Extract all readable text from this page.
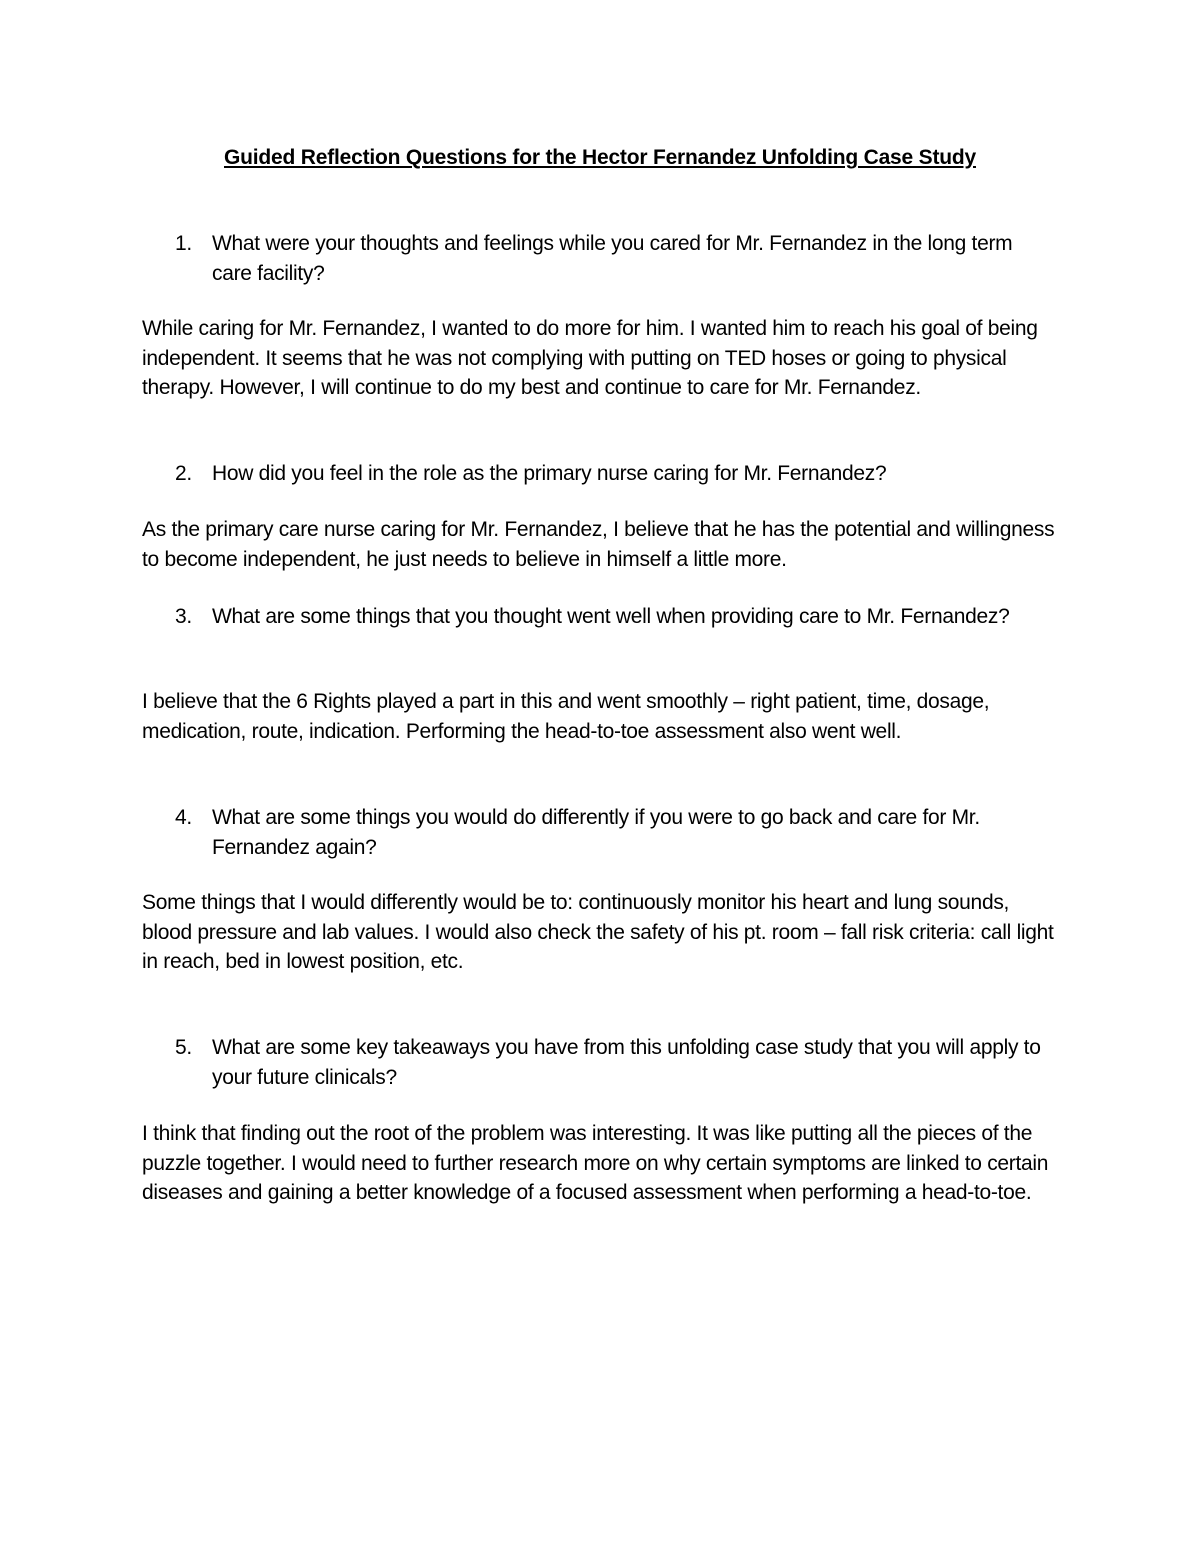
Guided Reflection Questions for the Hector Fernandez Unfolding Case Study
1. What were your thoughts and feelings while you cared for Mr. Fernandez in the long term care facility?
While caring for Mr. Fernandez, I wanted to do more for him. I wanted him to reach his goal of being independent. It seems that he was not complying with putting on TED hoses or going to physical therapy. However, I will continue to do my best and continue to care for Mr. Fernandez.
2. How did you feel in the role as the primary nurse caring for Mr. Fernandez?
As the primary care nurse caring for Mr. Fernandez, I believe that he has the potential and willingness to become independent, he just needs to believe in himself a little more.
3. What are some things that you thought went well when providing care to Mr. Fernandez?
I believe that the 6 Rights played a part in this and went smoothly – right patient, time, dosage, medication, route, indication. Performing the head-to-toe assessment also went well.
4. What are some things you would do differently if you were to go back and care for Mr. Fernandez again?
Some things that I would differently would be to: continuously monitor his heart and lung sounds, blood pressure and lab values. I would also check the safety of his pt. room – fall risk criteria: call light in reach, bed in lowest position, etc.
5. What are some key takeaways you have from this unfolding case study that you will apply to your future clinicals?
I think that finding out the root of the problem was interesting. It was like putting all the pieces of the puzzle together. I would need to further research more on why certain symptoms are linked to certain diseases and gaining a better knowledge of a focused assessment when performing a head-to-toe.
